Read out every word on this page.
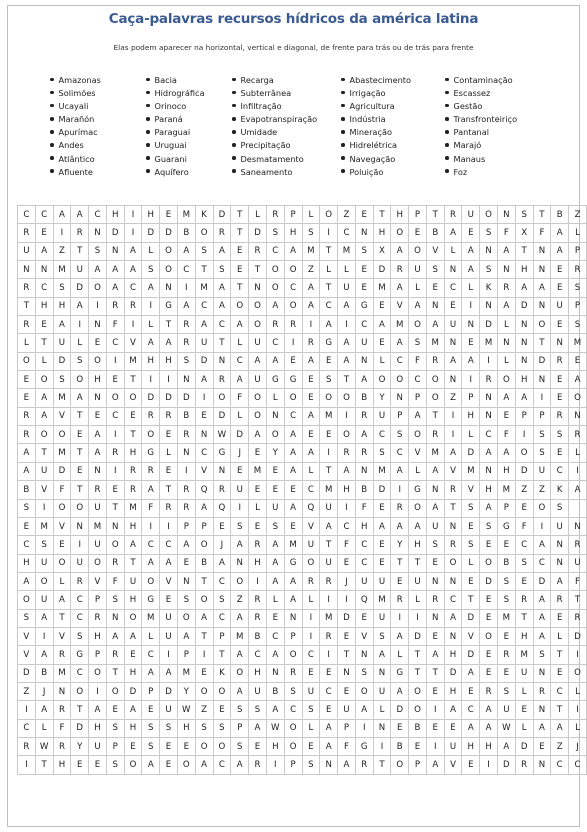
Caça-palavras recursos hídricos da américa latina
Elas podem aparecer na horizontal, vertical e diagonal, de frente para trás ou de trás para frente
Amazonas
Solimões
Ucayali
Marañón
Apurímac
Andes
Atlântico
Afluente
Bacia
Hidrográfica
Orinoco
Paraná
Paraguai
Uruguai
Guarani
Aquífero
Recarga
Subterrânea
Infiltração
Evapotranspiração
Umidade
Precipitação
Desmatamento
Saneamento
Abastecimento
Irrigação
Agricultura
Indústria
Mineração
Hidrelétrica
Navegação
Poluição
Contaminação
Escassez
Gestão
Transfronteiriço
Pantanal
Marajó
Manaus
Foz
C	C	A	A	C	H	I	H	E	M	K	D	T	L	R	P	L	O	Z	E	T	H	P	T	R	U	O	N	S	T	B	Z
R	E	I	R	N	D	I	D	D	B	O	R	T	D	S	H	S	I	C	N	H	O	E	B	A	E	S	F	X	F	A	L
U	A	Z	T	S	N	A	L	O	A	S	A	E	R	C	A	M	T	M	S	X	A	O	V	L	A	N	A	T	N	A	P
N	N	M	U	A	A	A	S	O	C	T	S	E	T	O	O	Z	L	L	E	D	R	U	S	N	A	S	N	H	N	E	R
R	C	S	D	O	A	C	A	N	I	M	A	T	N	O	C	A	T	U	E	M	A	L	E	C	L	K	R	A	A	E	S
T	H	H	A	I	R	R	I	G	A	C	A	O	O	A	O	A	C	A	G	E	V	A	N	E	I	N	A	D	N	U	P
R	E	A	I	N	F	I	L	T	R	A	C	A	O	R	R	I	A	I	C	A	M	O	A	U	N	D	L	N	O	E	S
L	T	U	L	E	C	V	A	A	R	U	T	L	U	C	I	R	G	A	U	E	A	S	M	N	E	M	N	N	T	N	M
O	L	D	S	O	I	M	H	H	S	D	N	C	A	A	E	A	E	A	N	L	C	F	R	A	A	I	L	N	D	R	E
E	O	S	O	H	E	T	I	I	N	A	R	A	U	G	G	E	S	T	A	O	O	C	O	N	I	R	O	H	N	E	A
E	A	M	A	N	O	O	D	D	D	I	O	F	O	L	O	E	O	O	B	Y	N	P	O	Z	P	N	A	A	I	E	O
R	A	V	T	E	C	E	R	R	B	E	D	L	O	N	C	A	M	I	R	U	P	A	T	I	H	N	E	P	P	R	N
R	O	O	E	A	I	T	O	E	R	N	W	D	A	O	A	E	E	O	A	C	S	O	R	I	L	C	F	I	S	S	R
A	T	M	T	A	R	H	G	L	N	C	G	J	E	Y	A	A	I	R	R	S	C	V	M	A	D	A	A	O	S	E	L
A	U	D	E	N	I	R	R	E	I	V	N	E	M	E	A	L	T	A	N	M	A	L	A	V	M	N	H	D	U	C	I
B	V	F	T	R	E	R	A	T	R	Q	R	U	E	E	E	C	M	H	B	D	I	G	N	R	V	H	M	Z	Z	K	A
S	I	O	O	U	T	M	F	R	R	A	Q	I	L	U	A	Q	U	I	F	E	R	O	A	T	S	A	P	E	O	S	
E	M	V	N	M	N	H	I	I	P	P	E	S	E	S	E	V	A	C	H	A	A	A	U	N	E	S	G	F	I	U	N
C	S	E	I	U	O	A	C	C	A	O	J	A	R	A	M	U	T	F	C	E	Y	H	S	R	S	E	E	C	A	N	R
H	U	O	U	O	R	T	A	A	E	B	A	N	H	A	G	O	U	E	C	E	T	T	E	O	L	O	B	S	C	N	U
A	O	L	R	V	F	U	O	V	N	T	C	O	I	A	A	R	R	J	U	U	E	U	N	N	E	D	S	E	D	A	F
O	U	A	C	P	S	H	G	E	S	O	S	Z	R	L	A	L	I	I	Q	M	R	L	R	C	T	E	S	R	A	R	T
S	A	T	C	R	N	O	M	U	O	A	C	A	R	E	N	I	M	D	E	U	I	I	N	A	D	E	M	T	A	E	R
V	I	V	S	H	A	A	L	U	A	T	P	M	B	C	P	I	R	E	V	S	A	D	E	N	V	O	E	H	A	L	D
V	A	R	G	P	R	E	C	I	P	I	T	A	C	A	O	C	I	T	N	A	L	T	A	H	D	E	R	M	S	T	I
D	B	M	C	O	T	H	A	A	M	E	K	O	H	N	R	E	E	N	S	N	G	T	T	D	A	E	E	U	N	E	O
Z	J	N	O	I	O	D	P	D	Y	O	O	A	U	B	S	U	C	E	O	U	A	O	E	H	E	R	S	L	R	C	L
I	A	R	T	A	E	A	E	U	W	Z	E	S	S	A	C	S	E	U	A	L	D	O	I	A	C	A	U	E	N	T	I
C	L	F	D	H	S	H	S	S	H	S	S	P	A	W	O	L	A	P	I	N	E	B	E	E	A	A	W	L	A	A	L
R	W	R	Y	U	P	E	S	E	E	O	O	S	E	H	O	E	A	F	G	I	B	E	I	U	H	H	A	D	E	Z	J
I	T	H	E	E	S	O	A	E	O	A	C	A	R	I	P	S	N	A	R	T	O	P	A	V	E	I	D	R	N	C	C
